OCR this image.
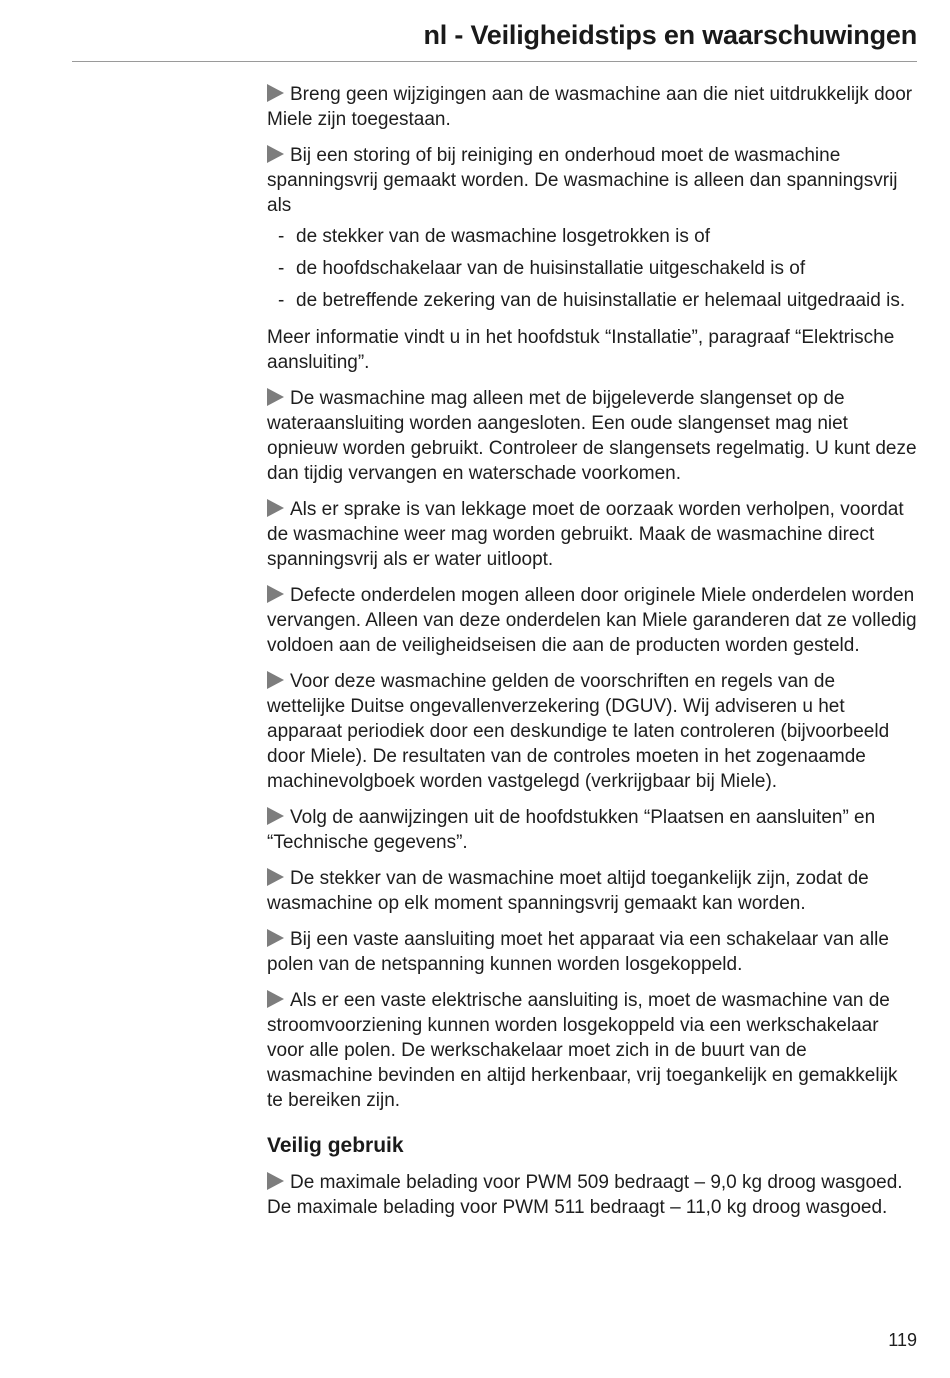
nl - Veiligheidstips en waarschuwingen

Breng geen wijzigingen aan de wasmachine aan die niet uitdrukkelijk door Miele zijn toegestaan.

Bij een storing of bij reiniging en onderhoud moet de wasmachine spanningsvrij gemaakt worden. De wasmachine is alleen dan spanningsvrij als

- de stekker van de wasmachine losgetrokken is of
- de hoofdschakelaar van de huisinstallatie uitgeschakeld is of
- de betreffende zekering van de huisinstallatie er helemaal uitgedraaid is.

Meer informatie vindt u in het hoofdstuk “Installatie”, paragraaf “Elektrische aansluiting”.

De wasmachine mag alleen met de bijgeleverde slangenset op de wateraansluiting worden aangesloten. Een oude slangenset mag niet opnieuw worden gebruikt. Controleer de slangensets regelmatig. U kunt deze dan tijdig vervangen en waterschade voorkomen.

Als er sprake is van lekkage moet de oorzaak worden verholpen, voordat de wasmachine weer mag worden gebruikt. Maak de wasmachine direct spanningsvrij als er water uitloopt.

Defecte onderdelen mogen alleen door originele Miele onderdelen worden vervangen. Alleen van deze onderdelen kan Miele garanderen dat ze volledig voldoen aan de veiligheidseisen die aan de producten worden gesteld.

Voor deze wasmachine gelden de voorschriften en regels van de wettelijke Duitse ongevallenverzekering (DGUV). Wij adviseren u het apparaat periodiek door een deskundige te laten controleren (bijvoorbeeld door Miele). De resultaten van de controles moeten in het zogenaamde machinevolgboek worden vastgelegd (verkrijgbaar bij Miele).

Volg de aanwijzingen uit de hoofdstukken “Plaatsen en aansluiten” en “Technische gegevens”.

De stekker van de wasmachine moet altijd toegankelijk zijn, zodat de wasmachine op elk moment spanningsvrij gemaakt kan worden.

Bij een vaste aansluiting moet het apparaat via een schakelaar van alle polen van de netspanning kunnen worden losgekoppeld.

Als er een vaste elektrische aansluiting is, moet de wasmachine van de stroomvoorziening kunnen worden losgekoppeld via een werkschakelaar voor alle polen. De werkschakelaar moet zich in de buurt van de wasmachine bevinden en altijd herkenbaar, vrij toegankelijk en gemakkelijk te bereiken zijn.

Veilig gebruik

De maximale belading voor PWM 509 bedraagt – 9,0 kg droog wasgoed. De maximale belading voor PWM 511 bedraagt – 11,0 kg droog wasgoed.

119
